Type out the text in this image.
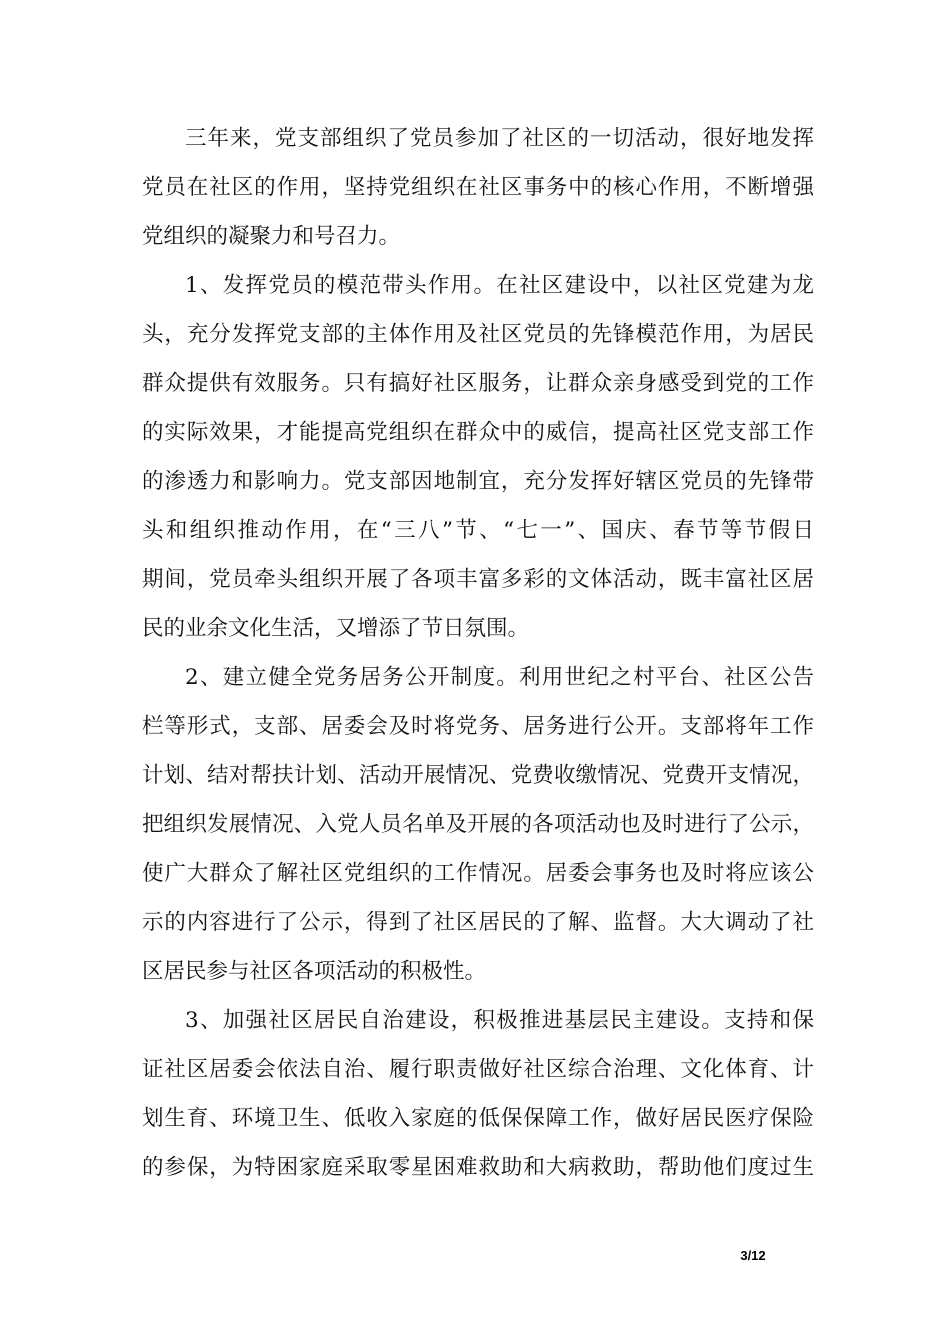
三年来，党支部组织了党员参加了社区的一切活动，很好地发挥
党员在社区的作用，坚持党组织在社区事务中的核心作用，不断增强
党组织的凝聚力和号召力。
1、发挥党员的模范带头作用。在社区建设中，以社区党建为龙
头，充分发挥党支部的主体作用及社区党员的先锋模范作用，为居民
群众提供有效服务。只有搞好社区服务，让群众亲身感受到党的工作
的实际效果，才能提高党组织在群众中的威信，提高社区党支部工作
的渗透力和影响力。党支部因地制宜，充分发挥好辖区党员的先锋带
头和组织推动作用，在“三八”节、“七一”、国庆、春节等节假日
期间，党员牵头组织开展了各项丰富多彩的文体活动，既丰富社区居
民的业余文化生活，又增添了节日氛围。
2、建立健全党务居务公开制度。利用世纪之村平台、社区公告
栏等形式，支部、居委会及时将党务、居务进行公开。支部将年工作
计划、结对帮扶计划、活动开展情况、党费收缴情况、党费开支情况，
把组织发展情况、入党人员名单及开展的各项活动也及时进行了公示，
使广大群众了解社区党组织的工作情况。居委会事务也及时将应该公
示的内容进行了公示，得到了社区居民的了解、监督。大大调动了社
区居民参与社区各项活动的积极性。
3、加强社区居民自治建设，积极推进基层民主建设。支持和保
证社区居委会依法自治、履行职责做好社区综合治理、文化体育、计
划生育、环境卫生、低收入家庭的低保保障工作，做好居民医疗保险
的参保，为特困家庭采取零星困难救助和大病救助，帮助他们度过生
3/12
